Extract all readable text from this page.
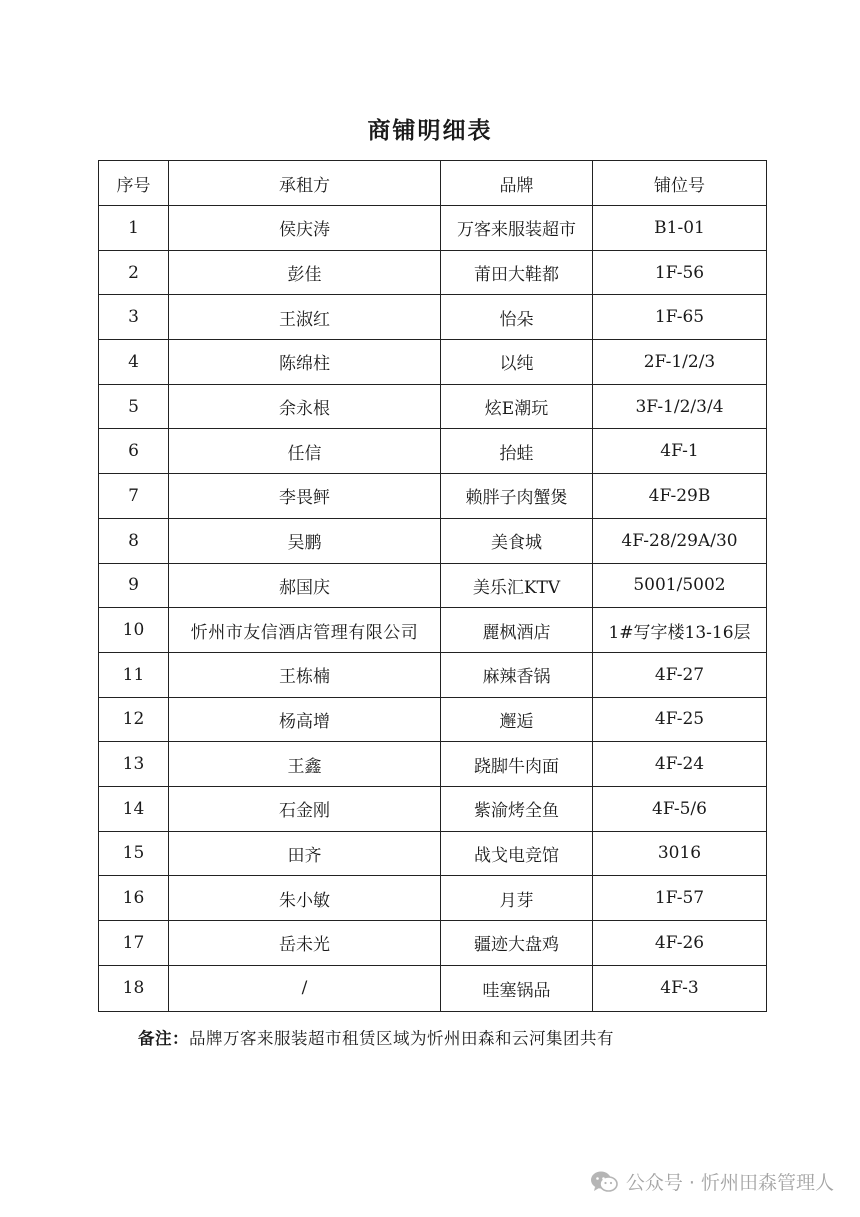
商铺明细表
序号	承租方	品牌	铺位号
1	侯庆涛	万客来服装超市	B1-01
2	彭佳	莆田大鞋都	1F-56
3	王淑红	怡朵	1F-65
4	陈绵柱	以纯	2F-1/2/3
5	余永根	炫E潮玩	3F-1/2/3/4
6	任信	抬蛙	4F-1
7	李畏鲆	赖胖子肉蟹煲	4F-29B
8	吴鹏	美食城	4F-28/29A/30
9	郝国庆	美乐汇KTV	5001/5002
10	忻州市友信酒店管理有限公司	麗枫酒店	1#写字楼13-16层
11	王栋楠	麻辣香锅	4F-27
12	杨高增	邂逅	4F-25
13	王鑫	跷脚牛肉面	4F-24
14	石金刚	紫渝烤全鱼	4F-5/6
15	田齐	战戈电竞馆	3016
16	朱小敏	月芽	1F-57
17	岳未光	疆迹大盘鸡	4F-26
18	/	哇塞锅品	4F-3
备注：品牌万客来服装超市租赁区域为忻州田森和云河集团共有
公众号 · 忻州田森管理人
